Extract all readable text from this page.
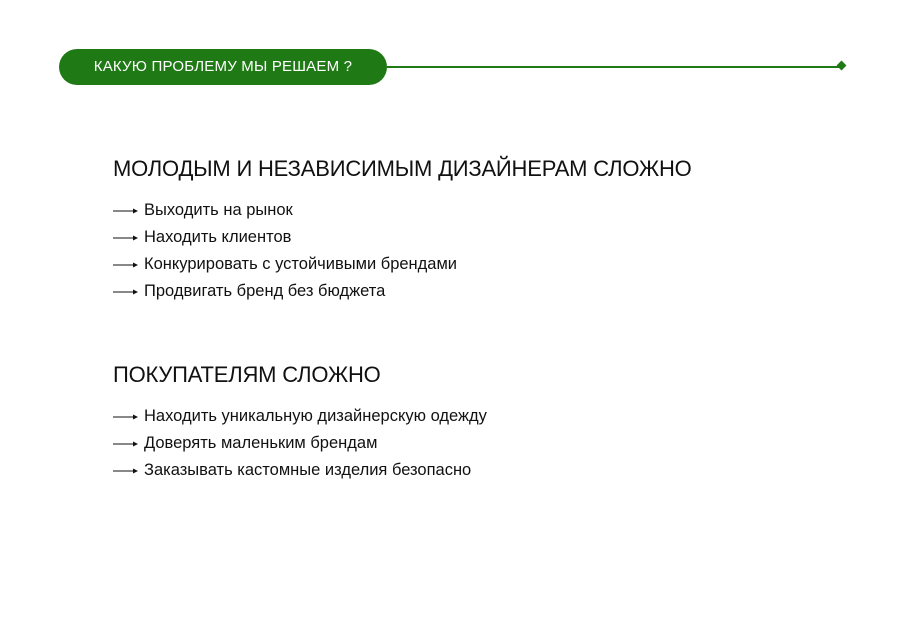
КАКУЮ ПРОБЛЕМУ МЫ РЕШАЕМ ?
МОЛОДЫМ И НЕЗАВИСИМЫМ ДИЗАЙНЕРАМ СЛОЖНО
Выходить на рынок
Находить клиентов
Конкурировать с устойчивыми брендами
Продвигать бренд без бюджета
ПОКУПАТЕЛЯМ СЛОЖНО
Находить уникальную дизайнерскую одежду
Доверять маленьким брендам
Заказывать кастомные изделия безопасно
